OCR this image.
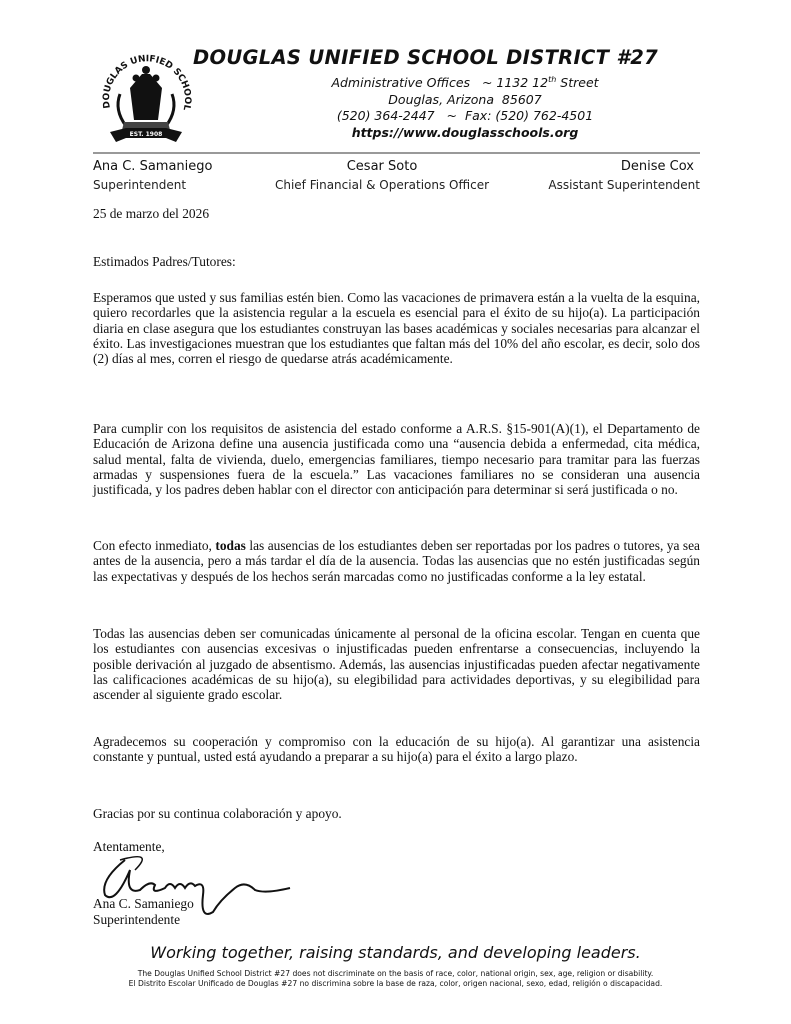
DOUGLAS UNIFIED SCHOOL
EST. 1908
DOUGLAS UNIFIED SCHOOL DISTRICT #27
Administrative Offices   ~ 1132 12th Street
Douglas, Arizona  85607
(520) 364-2447   ~  Fax: (520) 762-4501
https://www.douglasschools.org
Ana C. Samaniego
Superintendent
Cesar Soto
Chief Financial & Operations Officer
Denise Cox
Assistant Superintendent
25 de marzo del 2026
Estimados Padres/Tutores:

Esperamos que usted y sus familias estén bien. Como las vacaciones de primavera están a la vuelta de la esquina, quiero recordarles que la asistencia regular a la escuela es esencial para el éxito de su hijo(a). La participación diaria en clase asegura que los estudiantes construyan las bases académicas y sociales necesarias para alcanzar el éxito. Las investigaciones muestran que los estudiantes que faltan más del 10% del año escolar, es decir, solo dos (2) días al mes, corren el riesgo de quedarse atrás académicamente.

Para cumplir con los requisitos de asistencia del estado conforme a A.R.S. §15-901(A)(1), el Departamento de Educación de Arizona define una ausencia justificada como una “ausencia debida a enfermedad, cita médica, salud mental, falta de vivienda, duelo, emergencias familiares, tiempo necesario para tramitar para las fuerzas armadas y suspensiones fuera de la escuela.” Las vacaciones familiares no se consideran una ausencia justificada, y los padres deben hablar con el director con anticipación para determinar si será justificada o no.

Con efecto inmediato, todas las ausencias de los estudiantes deben ser reportadas por los padres o tutores, ya sea antes de la ausencia, pero a más tardar el día de la ausencia. Todas las ausencias que no estén justificadas según las expectativas y después de los hechos serán marcadas como no justificadas conforme a la ley estatal.

Todas las ausencias deben ser comunicadas únicamente al personal de la oficina escolar. Tengan en cuenta que los estudiantes con ausencias excesivas o injustificadas pueden enfrentarse a consecuencias, incluyendo la posible derivación al juzgado de absentismo. Además, las ausencias injustificadas pueden afectar negativamente las calificaciones académicas de su hijo(a), su elegibilidad para actividades deportivas, y su elegibilidad para ascender al siguiente grado escolar.

Agradecemos su cooperación y compromiso con la educación de su hijo(a). Al garantizar una asistencia constante y puntual, usted está ayudando a preparar a su hijo(a) para el éxito a largo plazo.

Gracias por su continua colaboración y apoyo.

Atentamente,
Ana C. Samaniego
Superintendente
Working together, raising standards, and developing leaders.
The Douglas Unified School District #27 does not discriminate on the basis of race, color, national origin, sex, age, religion or disability.
El Distrito Escolar Unificado de Douglas #27 no discrimina sobre la base de raza, color, origen nacional, sexo, edad, religión o discapacidad.
